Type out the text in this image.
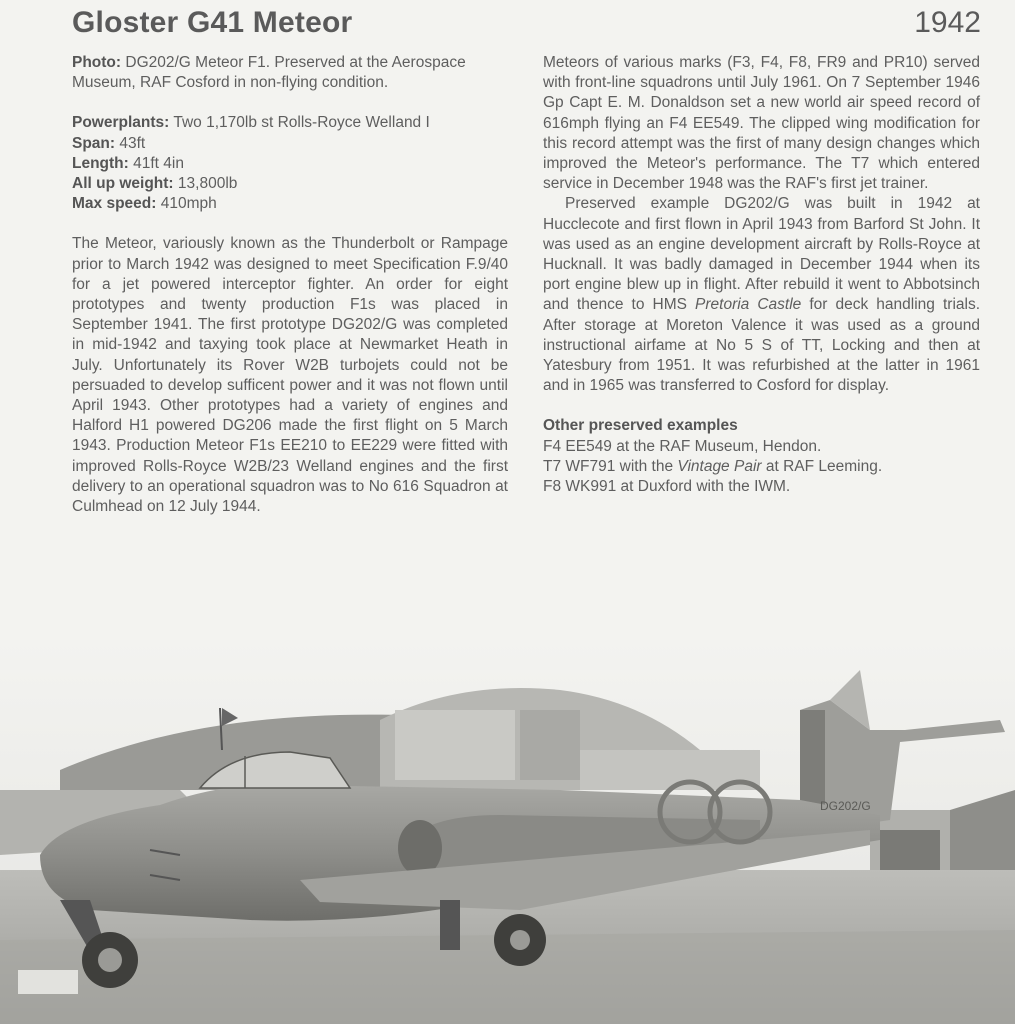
Gloster G41 Meteor	1942

Photo: DG202/G Meteor F1. Preserved at the Aerospace Museum, RAF Cosford in non-flying condition.

Powerplants: Two 1,170lb st Rolls-Royce Welland I

Span: 43ft

Length: 41ft 4in

All up weight: 13,800lb

Max speed: 410mph

The Meteor, variously known as the Thunderbolt or Rampage prior to March 1942 was designed to meet Specification F.9/40 for a jet powered interceptor fighter. An order for eight prototypes and twenty production F1s was placed in September 1941. The first prototype DG202/G was completed in mid-1942 and taxying took place at Newmarket Heath in July. Unfortunately its Rover W2B turbojets could not be persuaded to develop sufficent power and it was not flown until April 1943. Other prototypes had a variety of engines and Halford H1 powered DG206 made the first flight on 5 March 1943. Production Meteor F1s EE210 to EE229 were fitted with improved Rolls-Royce W2B/23 Welland engines and the first delivery to an operational squadron was to No 616 Squadron at Culmhead on 12 July 1944.

Meteors of various marks (F3, F4, F8, FR9 and PR10) served with front-line squadrons until July 1961. On 7 September 1946 Gp Capt E. M. Donaldson set a new world air speed record of 616mph flying an F4 EE549. The clipped wing modification for this record attempt was the first of many design changes which improved the Meteor's performance. The T7 which entered service in December 1948 was the RAF's first jet trainer.

Preserved example DG202/G was built in 1942 at Hucclecote and first flown in April 1943 from Barford St John. It was used as an engine development aircraft by Rolls-Royce at Hucknall. It was badly damaged in December 1944 when its port engine blew up in flight. After rebuild it went to Abbotsinch and thence to HMS Pretoria Castle for deck handling trials. After storage at Moreton Valence it was used as a ground instructional airfame at No 5 S of TT, Locking and then at Yatesbury from 1951. It was refurbished at the latter in 1961 and in 1965 was transferred to Cosford for display.

Other preserved examples

F4 EE549 at the RAF Museum, Hendon.

T7 WF791 with the Vintage Pair at RAF Leeming.

F8 WK991 at Duxford with the IWM.

DG202/G
